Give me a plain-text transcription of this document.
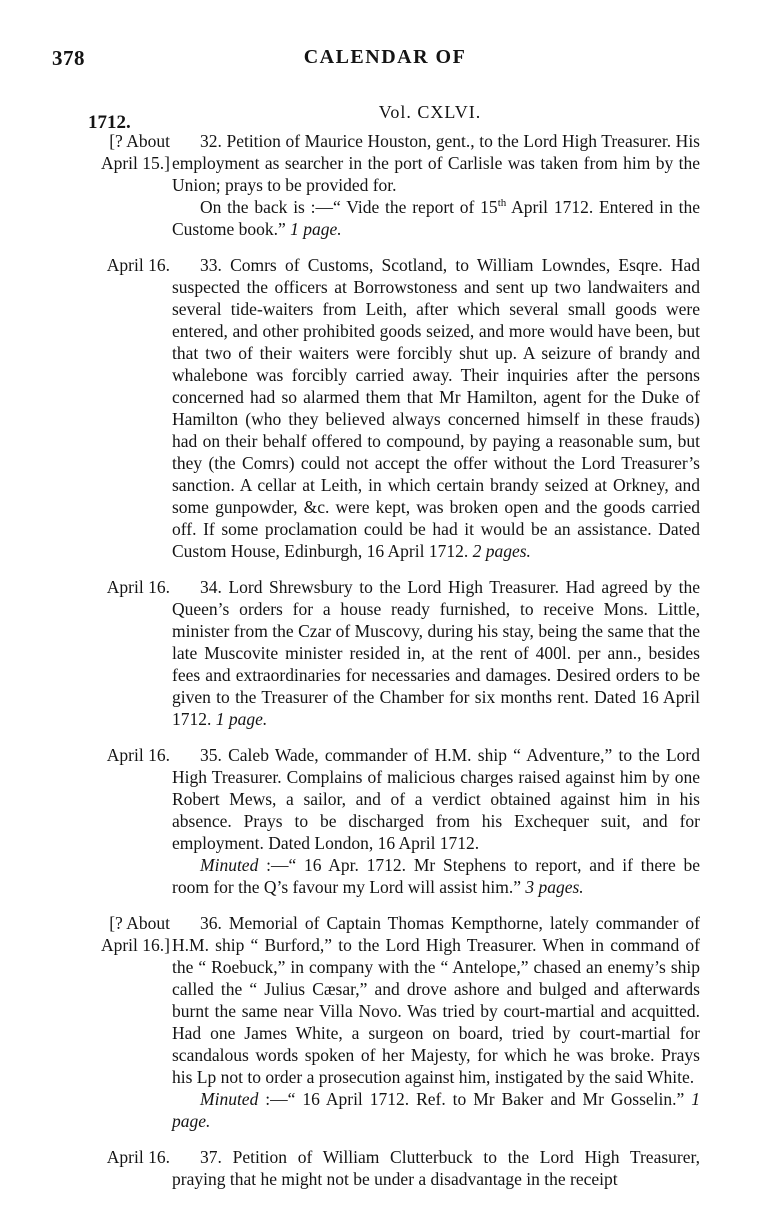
378	CALENDAR OF
1712.	Vol. CXLVI.
[? About
April 15.]

32. Petition of Maurice Houston, gent., to the Lord High Treasurer. His employment as searcher in the port of Carlisle was taken from him by the Union; prays to be provided for.

On the back is :—“ Vide the report of 15th April 1712. Entered in the Custome book.” 1 page.

April 16.	33. Comrs of Customs, Scotland, to William Lowndes, Esqre. Had suspected the officers at Borrowstoness and sent up two landwaiters and several tide-waiters from Leith, after which several small goods were entered, and other prohibited goods seized, and more would have been, but that two of their waiters were forcibly shut up. A seizure of brandy and whalebone was forcibly carried away. Their inquiries after the persons concerned had so alarmed them that Mr Hamilton, agent for the Duke of Hamilton (who they believed always concerned himself in these frauds) had on their behalf offered to compound, by paying a reasonable sum, but they (the Comrs) could not accept the offer without the Lord Treasurer’s sanction. A cellar at Leith, in which certain brandy seized at Orkney, and some gunpowder, &c. were kept, was broken open and the goods carried off. If some proclamation could be had it would be an assistance. Dated Custom House, Edinburgh, 16 April 1712. 2 pages.

April 16.	34. Lord Shrewsbury to the Lord High Treasurer. Had agreed by the Queen’s orders for a house ready furnished, to receive Mons. Little, minister from the Czar of Muscovy, during his stay, being the same that the late Muscovite minister resided in, at the rent of 400l. per ann., besides fees and extraordinaries for necessaries and damages. Desired orders to be given to the Treasurer of the Chamber for six months rent. Dated 16 April 1712. 1 page.

April 16.	35. Caleb Wade, commander of H.M. ship “ Adventure,” to the Lord High Treasurer. Complains of malicious charges raised against him by one Robert Mews, a sailor, and of a verdict obtained against him in his absence. Prays to be discharged from his Exchequer suit, and for employment. Dated London, 16 April 1712.

Minuted :—“ 16 Apr. 1712. Mr Stephens to report, and if there be room for the Q’s favour my Lord will assist him.” 3 pages.

[? About
April 16.]

36. Memorial of Captain Thomas Kempthorne, lately commander of H.M. ship “ Burford,” to the Lord High Treasurer. When in command of the “ Roebuck,” in company with the “ Antelope,” chased an enemy’s ship called the “ Julius Cæsar,” and drove ashore and bulged and afterwards burnt the same near Villa Novo. Was tried by court-martial and acquitted. Had one James White, a surgeon on board, tried by court-martial for scandalous words spoken of her Majesty, for which he was broke. Prays his Lp not to order a prosecution against him, instigated by the said White.

Minuted :—“ 16 April 1712. Ref. to Mr Baker and Mr Gosselin.” 1 page.

April 16.	37. Petition of William Clutterbuck to the Lord High Treasurer, praying that he might not be under a disadvantage in the receipt
